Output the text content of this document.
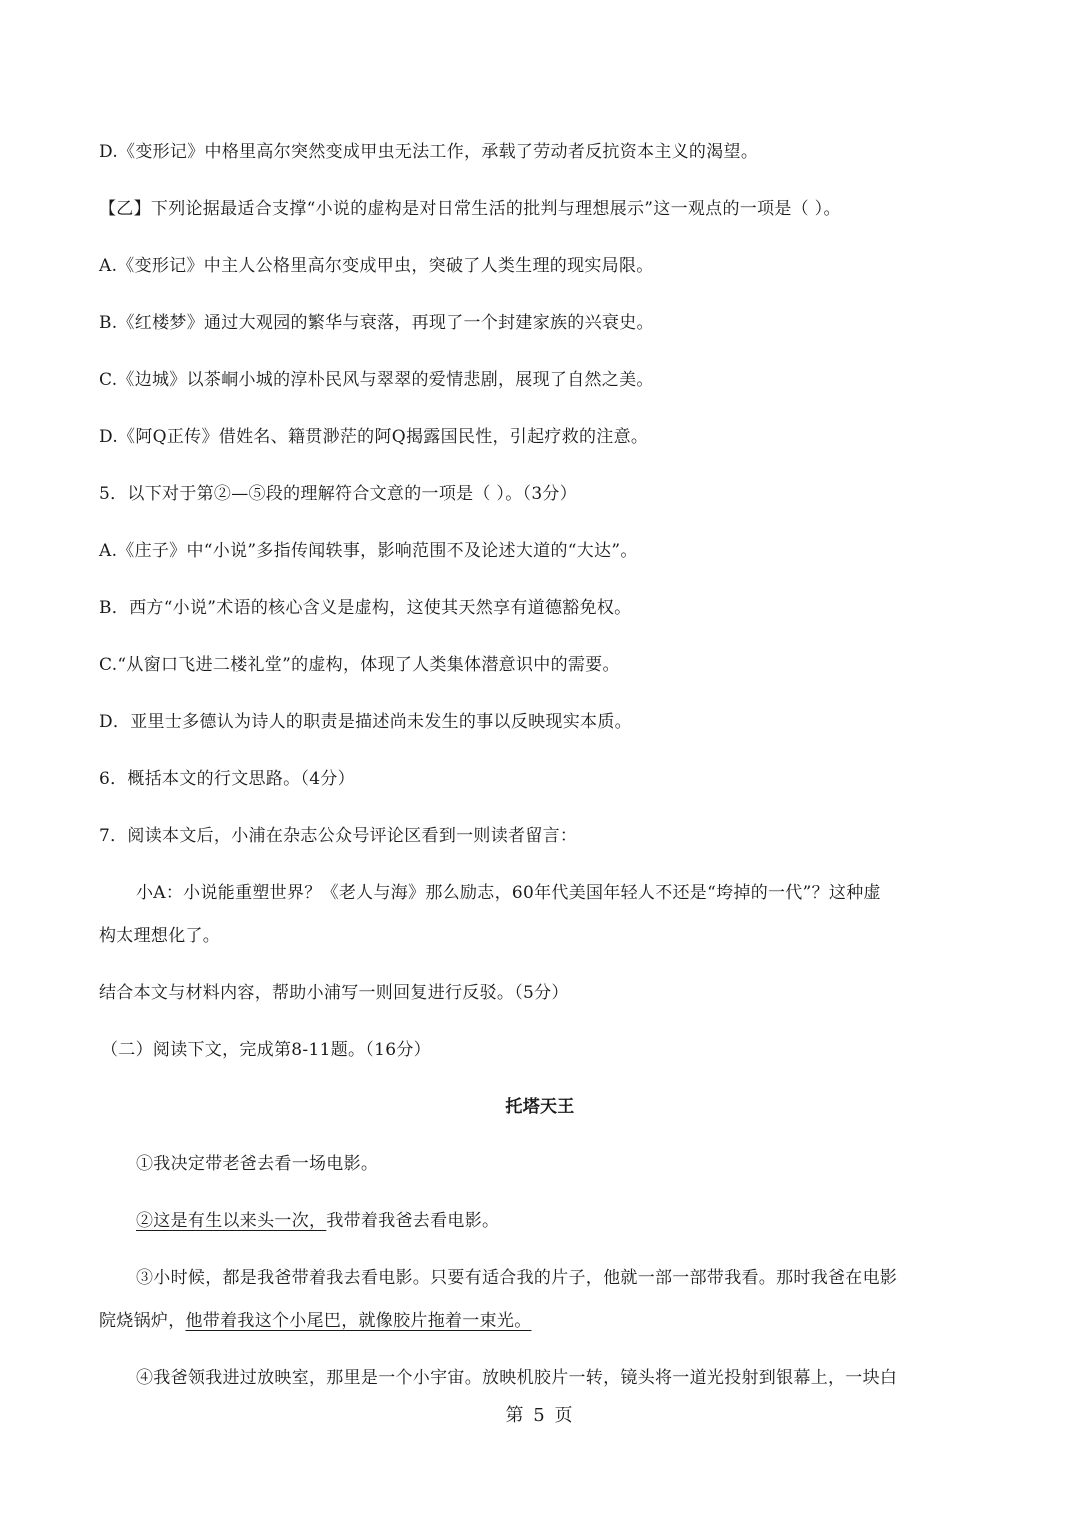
D.《变形记》中格里高尔突然变成甲虫无法工作，承载了劳动者反抗资本主义的渴望。
【乙】下列论据最适合支撑“小说的虚构是对日常生活的批判与理想展示”这一观点的一项是（ ）。
A.《变形记》中主人公格里高尔变成甲虫，突破了人类生理的现实局限。
B.《红楼梦》通过大观园的繁华与衰落，再现了一个封建家族的兴衰史。
C.《边城》以茶峒小城的淳朴民风与翠翠的爱情悲剧，展现了自然之美。
D.《阿Q正传》借姓名、籍贯渺茫的阿Q揭露国民性，引起疗救的注意。
5．以下对于第②—⑤段的理解符合文意的一项是（ ）。（3分）
A.《庄子》中“小说”多指传闻轶事，影响范围不及论述大道的“大达”。
B．西方“小说”术语的核心含义是虚构，这使其天然享有道德豁免权。
C.“从窗口飞进二楼礼堂”的虚构，体现了人类集体潜意识中的需要。
D．亚里士多德认为诗人的职责是描述尚未发生的事以反映现实本质。
6．概括本文的行文思路。（4分）
7．阅读本文后，小浦在杂志公众号评论区看到一则读者留言：
小A：小说能重塑世界？《老人与海》那么励志，60年代美国年轻人不还是“垮掉的一代”？这种虚
构太理想化了。
结合本文与材料内容，帮助小浦写一则回复进行反驳。（5分）
（二）阅读下文，完成第8-11题。（16分）
托塔天王
①我决定带老爸去看一场电影。
②这是有生以来头一次，我带着我爸去看电影。
③小时候，都是我爸带着我去看电影。只要有适合我的片子，他就一部一部带我看。那时我爸在电影
院烧锅炉，他带着我这个小尾巴，就像胶片拖着一束光。
④我爸领我进过放映室，那里是一个小宇宙。放映机胶片一转，镜头将一道光投射到银幕上，一块白
第 5 页
